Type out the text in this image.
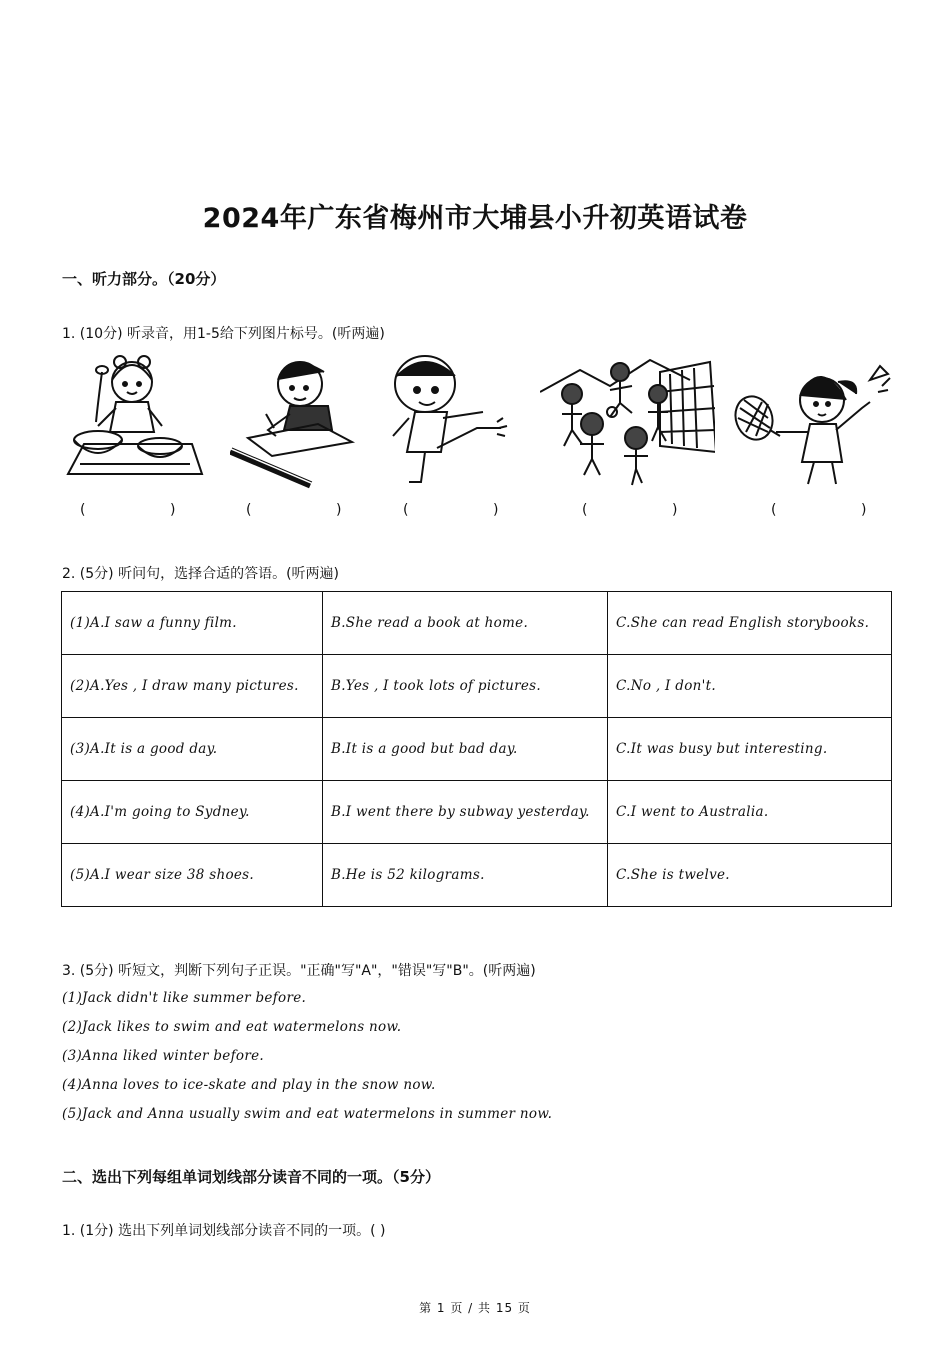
2024年广东省梅州市大埔县小升初英语试卷
一、听力部分。（20分）
1. (10分) 听录音，用1-5给下列图片标号。(听两遍)
(	)	(	)	(	)	(	)	(	)
2. (5分) 听问句，选择合适的答语。(听两遍)
(1)A.I saw a funny film.	B.She read a book at home.	C.She can read English storybooks.
(2)A.Yes , I draw many pictures.	B.Yes , I took lots of pictures.	C.No , I don't.
(3)A.It is a good day.	B.It is a good but bad day.	C.It was busy but interesting.
(4)A.I'm going to Sydney.	B.I went there by subway yesterday.	C.I went to Australia.
(5)A.I wear size 38 shoes.	B.He is 52 kilograms.	C.She is twelve.
3. (5分) 听短文，判断下列句子正误。"正确"写"A"，"错误"写"B"。(听两遍)
(1)Jack didn't like summer before.
(2)Jack likes to swim and eat watermelons now.
(3)Anna liked winter before.
(4)Anna loves to ice-skate and play in the snow now.
(5)Jack and Anna usually swim and eat watermelons in summer now.
二、选出下列每组单词划线部分读音不同的一项。（5分）
1. (1分) 选出下列单词划线部分读音不同的一项。( )
第 1 页 / 共 15 页
